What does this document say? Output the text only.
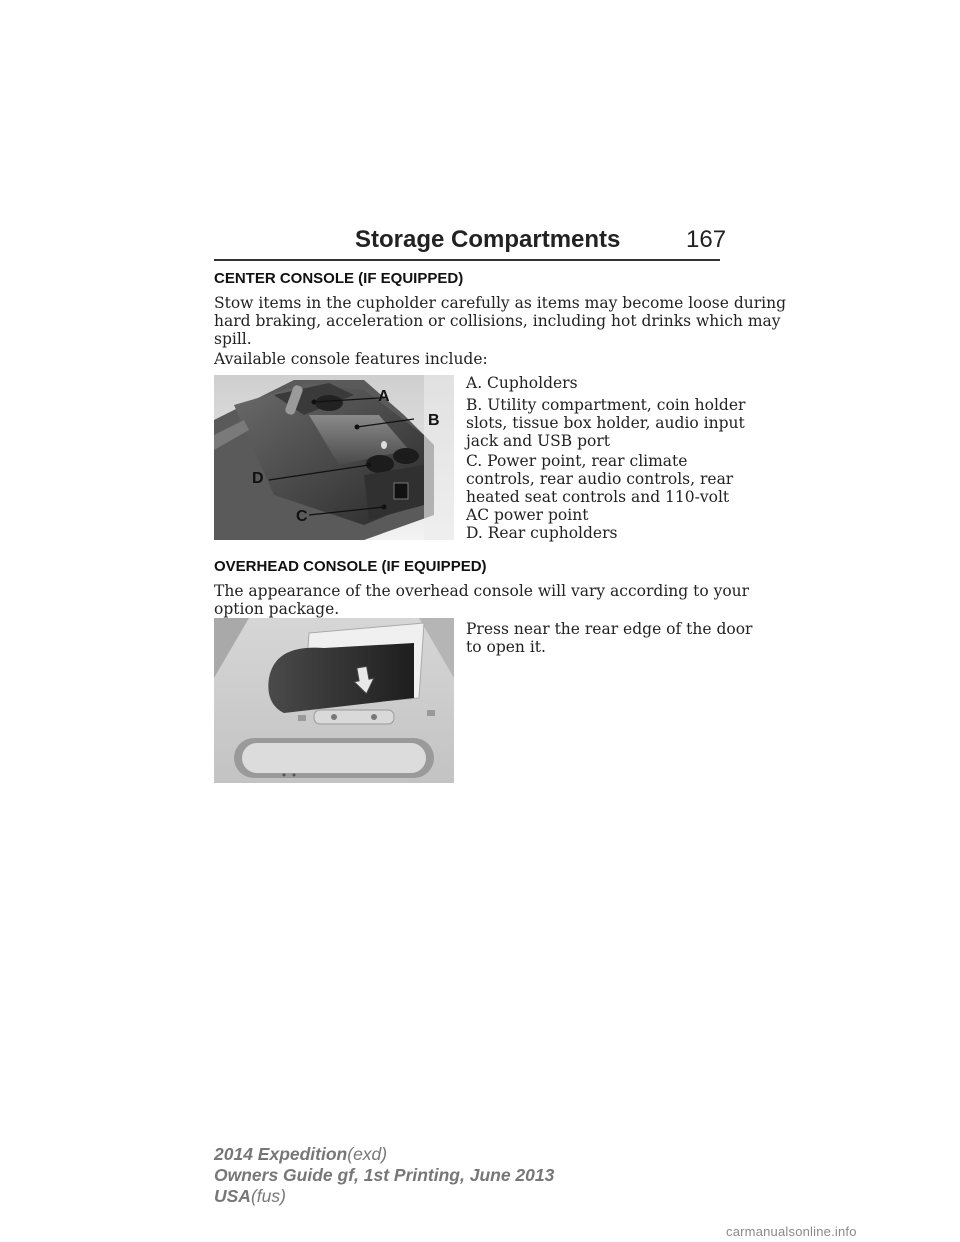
Storage Compartments	167
CENTER CONSOLE (IF EQUIPPED)
Stow items in the cupholder carefully as items may become loose during
hard braking, acceleration or collisions, including hot drinks which may
spill.
Available console features include:
A
B
C
D
A. Cupholders
B. Utility compartment, coin holder
slots, tissue box holder, audio input
jack and USB port
C. Power point, rear climate
controls, rear audio controls, rear
heated seat controls and 110-volt
AC power point
D. Rear cupholders
OVERHEAD CONSOLE (IF EQUIPPED)
The appearance of the overhead console will vary according to your
option package.
Press near the rear edge of the door
to open it.
2014 Expedition(exd)
Owners Guide gf, 1st Printing, June 2013
USA(fus)
carmanualsonline.info
